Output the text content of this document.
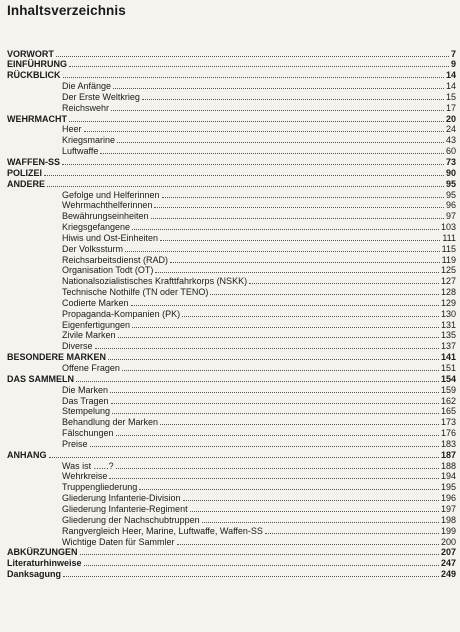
Inhaltsverzeichnis
VORWORT	7
EINFÜHRUNG	9
RÜCKBLICK	14
Die Anfänge	14
Der Erste Weltkrieg	15
Reichswehr	17
WEHRMACHT	20
Heer	24
Kriegsmarine	43
Luftwaffe	60
WAFFEN-SS	73
POLIZEI	90
ANDERE	95
Gefolge und Helferinnen	95
Wehrmachthelferinnen	96
Bewährungseinheiten	97
Kriegsgefangene	103
Hiwis und Ost-Einheiten	111
Der Volkssturm	115
Reichsarbeitsdienst (RAD)	119
Organisation Todt (OT)	125
Nationalsozialistisches Krafttfahrkorps (NSKK)	127
Technische Nothilfe (TN oder TENO)	128
Codierte Marken	129
Propaganda-Kompanien (PK)	130
Eigenfertigungen	131
Zivile Marken	135
Diverse	137
BESONDERE MARKEN	141
Offene Fragen	151
DAS SAMMELN	154
Die Marken	159
Das Tragen	162
Stempelung	165
Behandlung der Marken	173
Fälschungen	176
Preise	183
ANHANG	187
Was ist ......?	188
Wehrkreise	194
Truppengliederung	195
Gliederung Infanterie-Division	196
Gliederung Infanterie-Regiment	197
Gliederung der Nachschubtruppen	198
Rangvergleich Heer, Marine, Luftwaffe, Waffen-SS	199
Wichtige Daten für Sammler	200
ABKÜRZUNGEN	207
Literaturhinweise	247
Danksagung	249
